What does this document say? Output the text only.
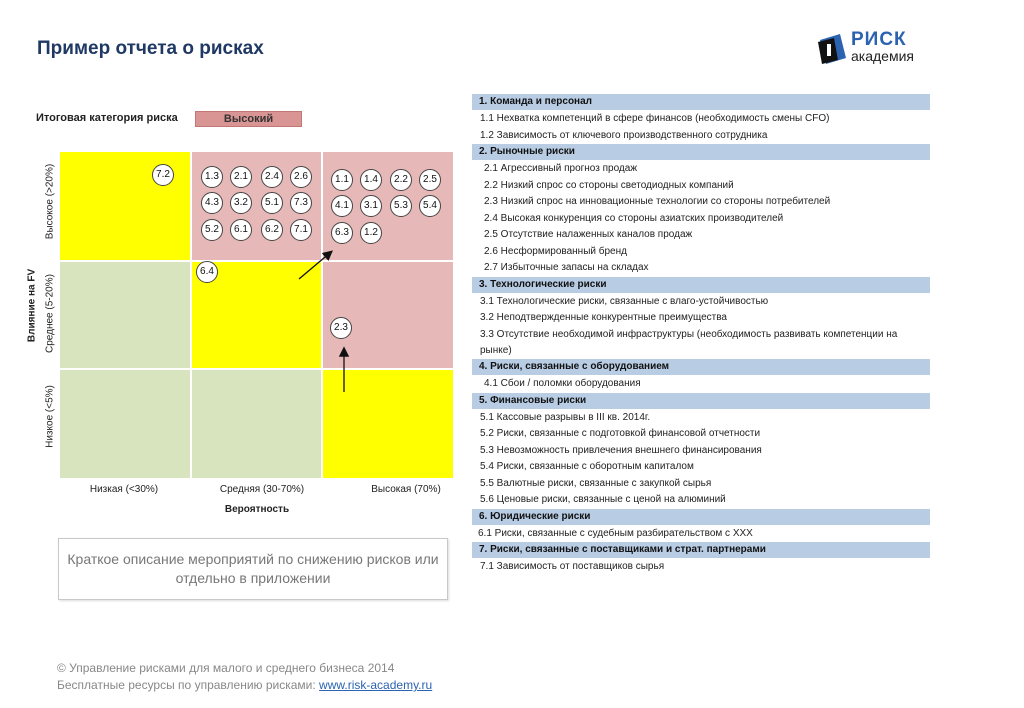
Пример отчета о рисках	РИСК
академия
Итоговая категория риска	Высокий
7.2	1.3	2.1	2.4	2.6
4.3	3.2	5.1	7.3
5.2	6.1	6.2	7.1
1.1	1.4	2.2	2.5
4.1	3.1	5.3	5.4
6.3	1.2
6.4
2.3
Высокое (>20%)
Среднее (5-20%)
Низкое (<5%)
Влияние на FV
Низкая (<30%)	Средняя (30-70%)	Высокая (70%)
Вероятность
Краткое описание мероприятий по снижению рисков или отдельно в приложении
© Управление рисками для малого и среднего бизнеса 2014
Бесплатные ресурсы по управлению рисками: www.risk-academy.ru
1. Команда и персонал
1.1 Нехватка компетенций в сфере финансов (необходимость смены CFO)
1.2 Зависимость от ключевого производственного сотрудника
2. Рыночные риски
2.1 Агрессивный прогноз продаж
2.2 Низкий спрос со стороны светодиодных компаний
2.3 Низкий спрос на инновационные технологии со стороны потребителей
2.4 Высокая конкуренция со стороны азиатских производителей
2.5 Отсутствие налаженных каналов продаж
2.6 Несформированный бренд
2.7 Избыточные запасы на складах
3. Технологические риски
3.1 Технологические риски, связанные с влаго-устойчивостью
3.2 Неподтвержденные конкурентные преимущества
3.3 Отсутствие необходимой инфраструктуры (необходимость развивать компетенции на рынке)
4. Риски, связанные с оборудованием
4.1 Сбои / поломки оборудования
5. Финансовые риски
5.1 Кассовые разрывы в III кв. 2014г.
5.2 Риски, связанные с подготовкой финансовой отчетности
5.3 Невозможность привлечения внешнего финансирования
5.4 Риски, связанные с оборотным капиталом
5.5 Валютные риски, связанные с закупкой сырья
5.6 Ценовые риски, связанные с ценой на алюминий
6. Юридические риски
6.1 Риски, связанные с судебным разбирательством с ХХХ
7. Риски, связанные с поставщиками и страт. партнерами
7.1 Зависимость от поставщиков сырья
